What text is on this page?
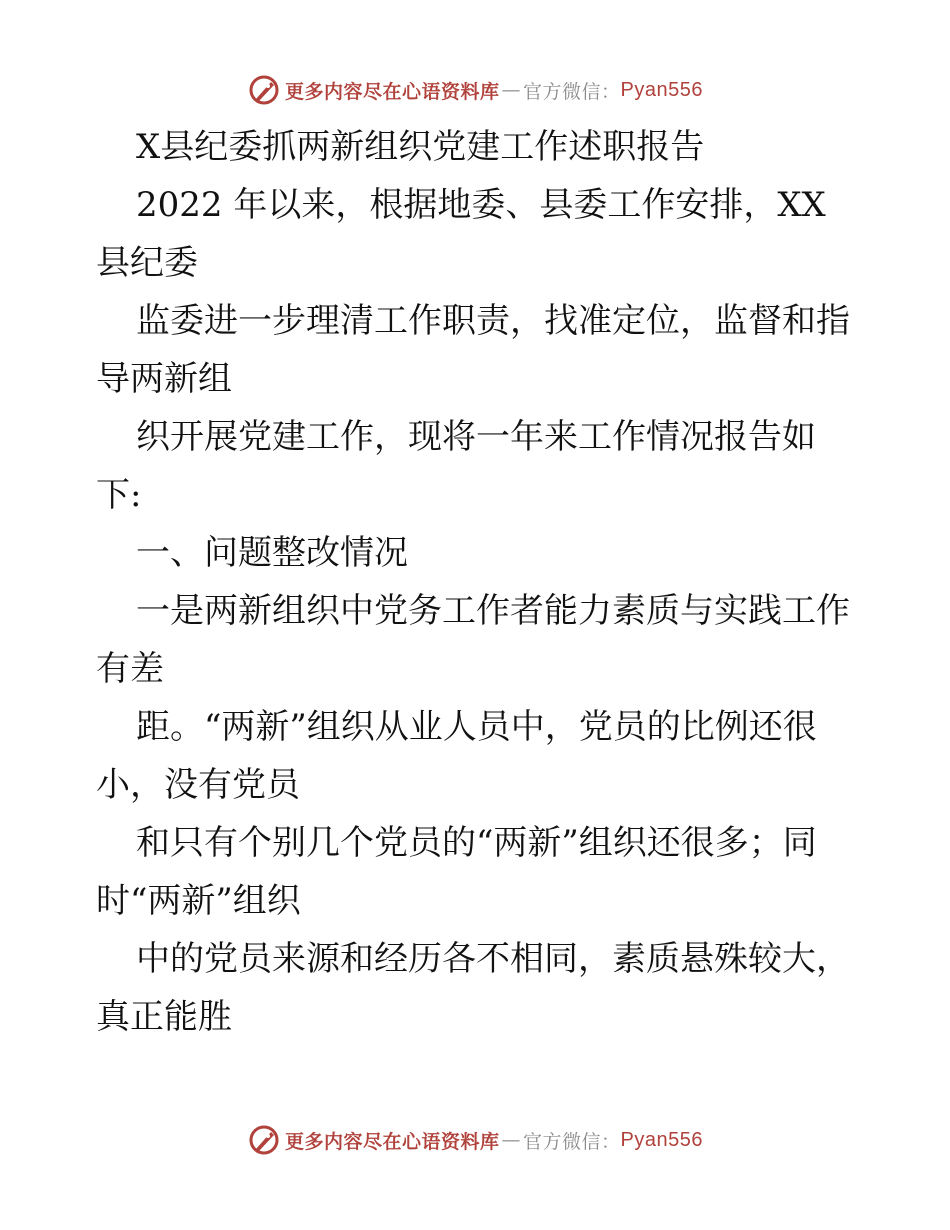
更多内容尽在心语资料库 — 官方微信： Pyan556

X县纪委抓两新组织党建工作述职报告

2022 年以来，根据地委、县委工作安排，XX 县纪委

监委进一步理清工作职责，找准定位，监督和指导两新组

织开展党建工作，现将一年来工作情况报告如下:

一、问题整改情况

一是两新组织中党务工作者能力素质与实践工作有差

距。“两新”组织从业人员中，党员的比例还很小，没有党员

和只有个别几个党员的“两新”组织还很多；同时“两新”组织

中的党员来源和经历各不相同，素质悬殊较大，真正能胜

更多内容尽在心语资料库 — 官方微信： Pyan556
